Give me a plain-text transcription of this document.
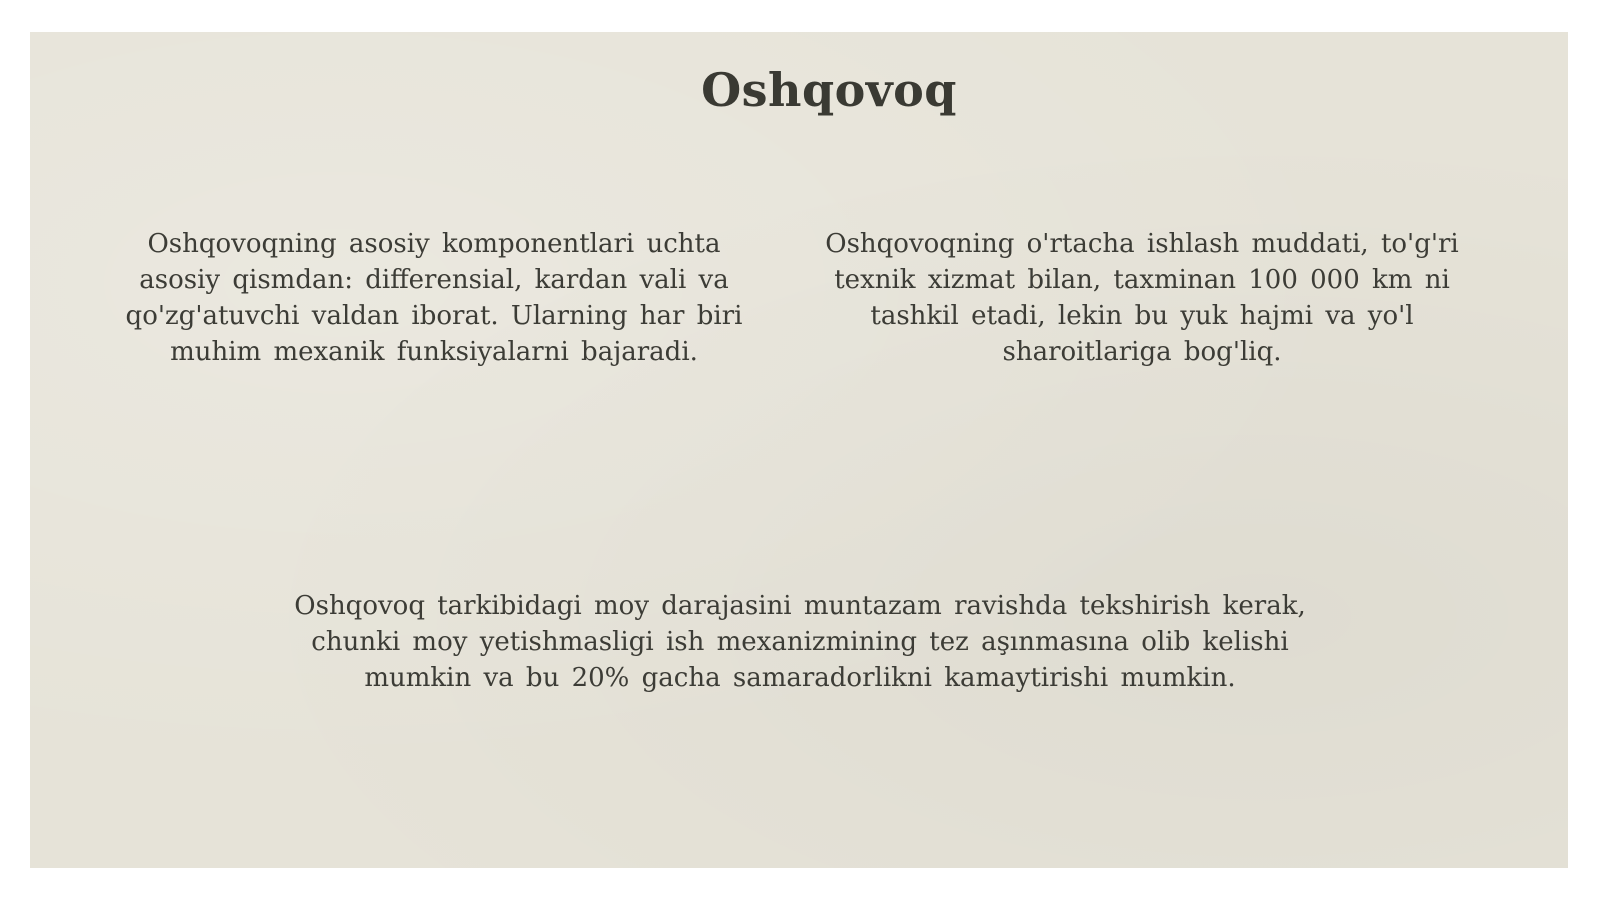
Oshqovoq
Oshqovoqning asosiy komponentlari uchta asosiy qismdan: differensial, kardan vali va qo'zg'atuvchi valdan iborat. Ularning har biri muhim mexanik funksiyalarni bajaradi.
Oshqovoqning o'rtacha ishlash muddati, to'g'ri texnik xizmat bilan, taxminan 100 000 km ni tashkil etadi, lekin bu yuk hajmi va yo'l sharoitlariga bog'liq.
Oshqovoq tarkibidagi moy darajasini muntazam ravishda tekshirish kerak, chunki moy yetishmasligi ish mexanizmining tez aşınmasına olib kelishi mumkin va bu 20% gacha samaradorlikni kamaytirishi mumkin.
